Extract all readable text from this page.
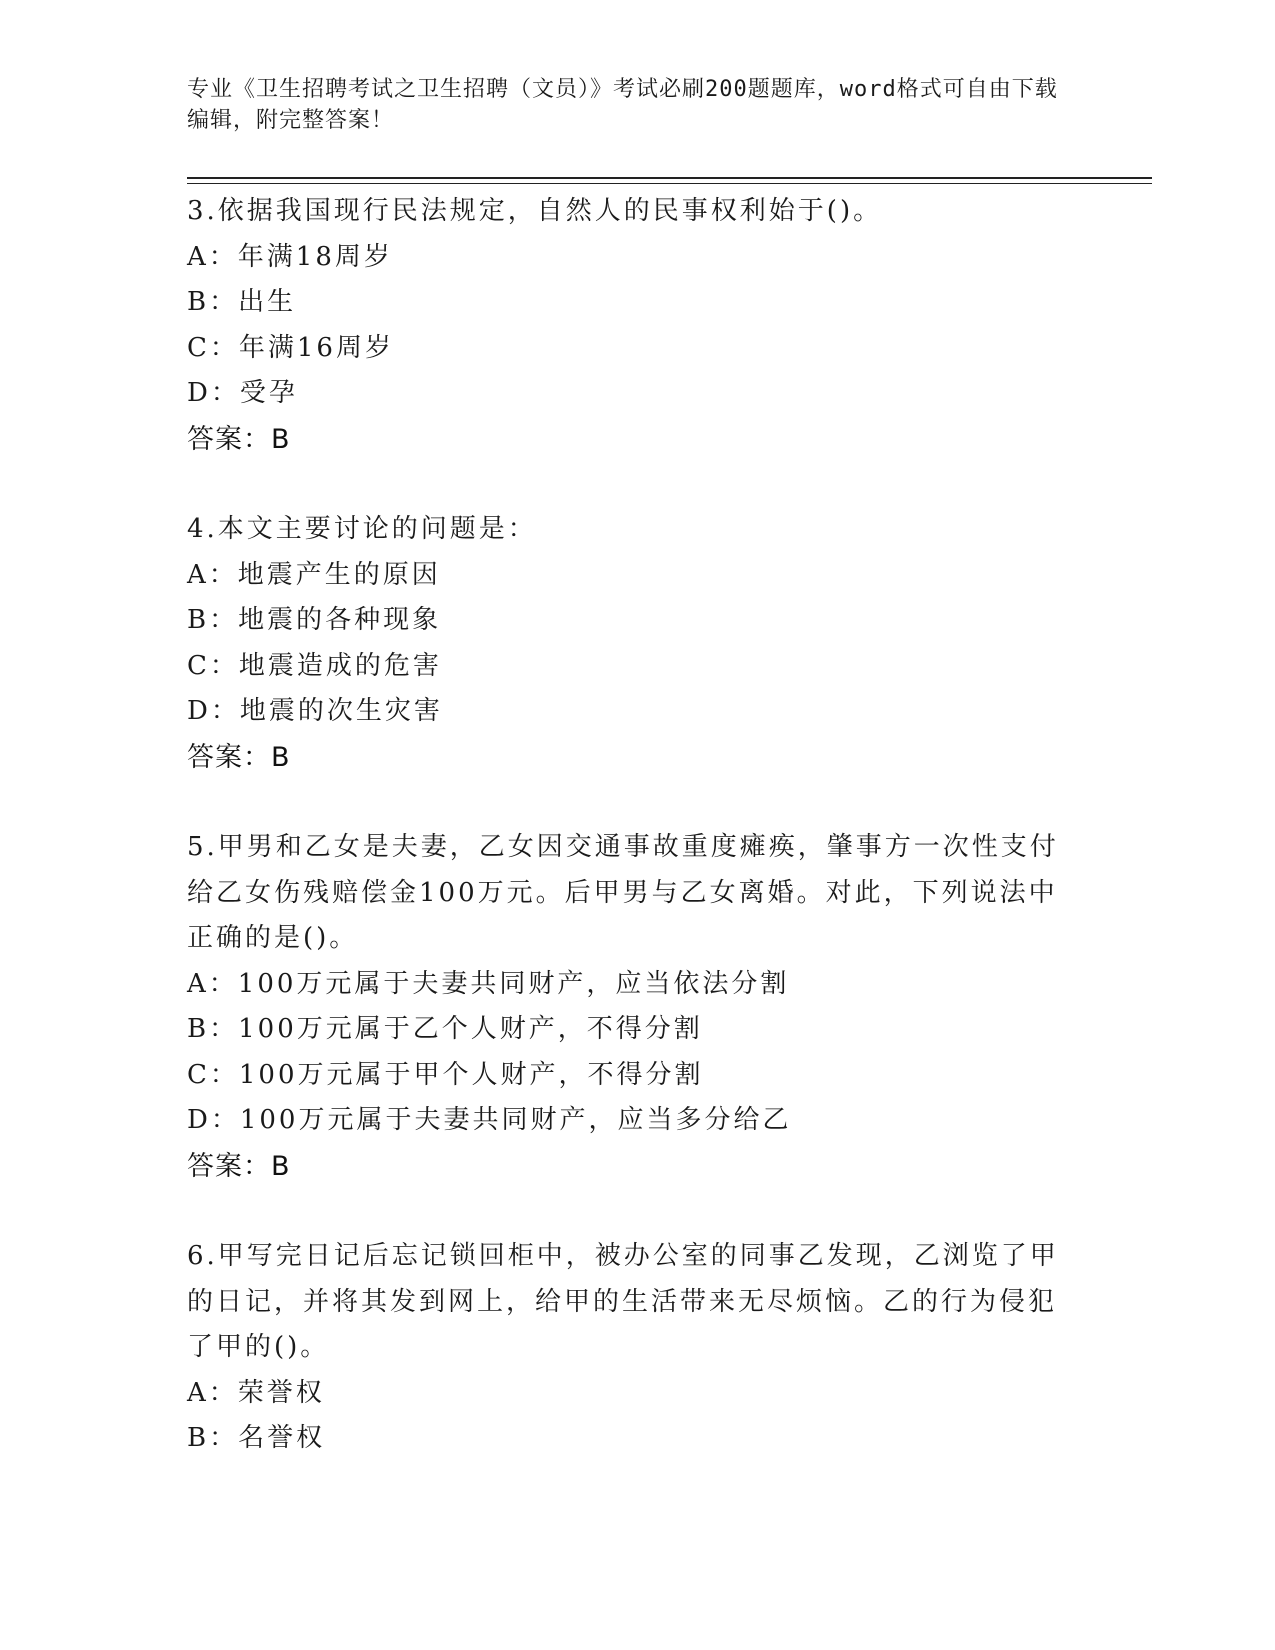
专业《卫生招聘考试之卫生招聘（文员）》考试必刷200题题库，word格式可自由下载编辑，附完整答案！
3.依据我国现行民法规定，自然人的民事权利始于()。
A：年满18周岁
B：出生
C：年满16周岁
D：受孕
答案：B
4.本文主要讨论的问题是：
A：地震产生的原因
B：地震的各种现象
C：地震造成的危害
D：地震的次生灾害
答案：B
5.甲男和乙女是夫妻，乙女因交通事故重度瘫痪，肇事方一次性支付给乙女伤残赔偿金100万元。后甲男与乙女离婚。对此，下列说法中正确的是()。
A：100万元属于夫妻共同财产，应当依法分割
B：100万元属于乙个人财产，不得分割
C：100万元属于甲个人财产，不得分割
D：100万元属于夫妻共同财产，应当多分给乙
答案：B
6.甲写完日记后忘记锁回柜中，被办公室的同事乙发现，乙浏览了甲的日记，并将其发到网上，给甲的生活带来无尽烦恼。乙的行为侵犯了甲的()。
A：荣誉权
B：名誉权
